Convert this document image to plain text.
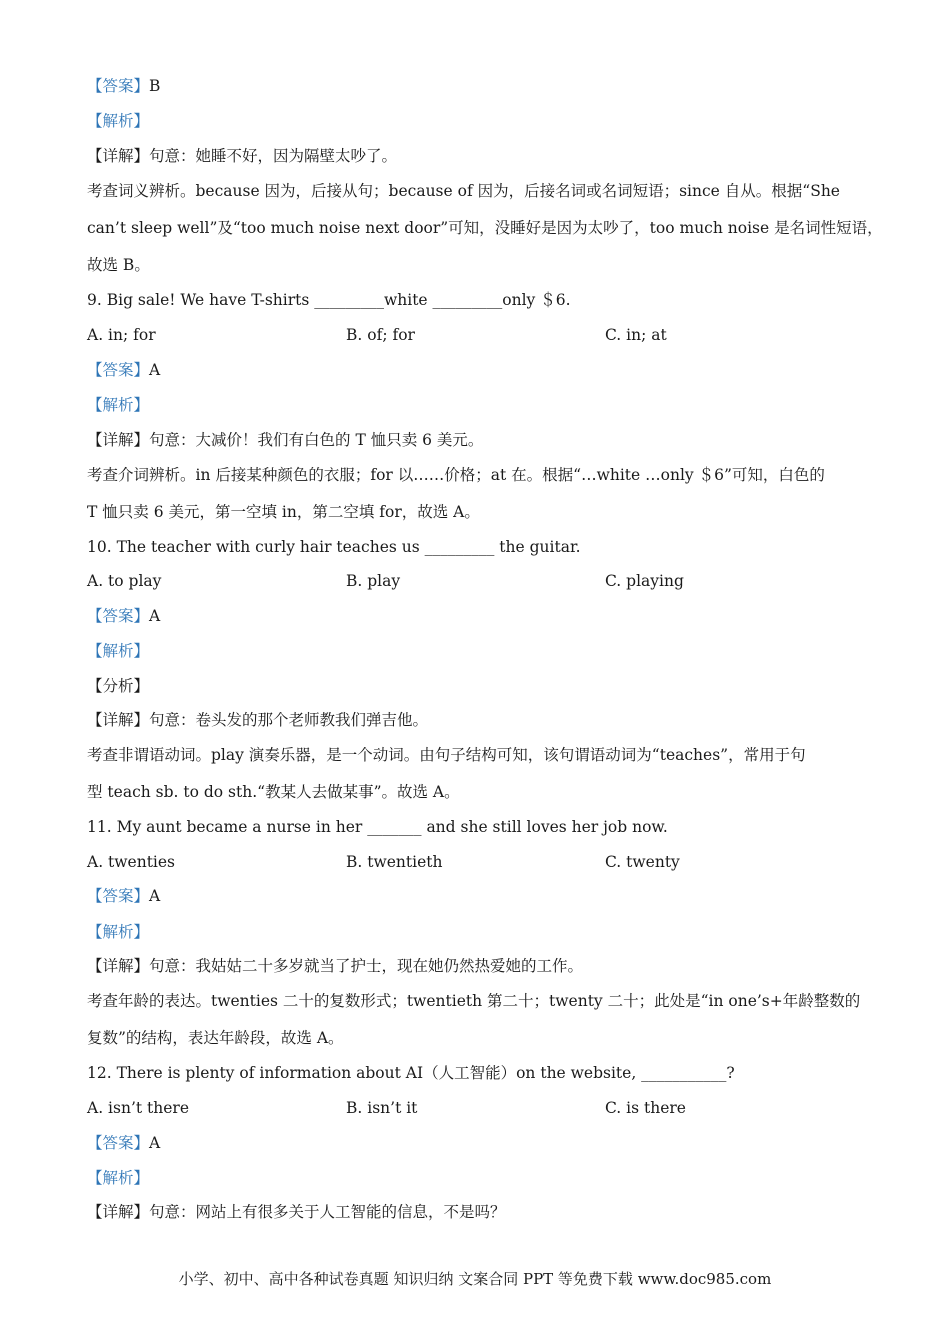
【答案】B
【解析】
【详解】句意：她睡不好，因为隔壁太吵了。
考查词义辨析。because 因为，后接从句；because of 因为，后接名词或名词短语；since 自从。根据“She
can’t sleep well”及“too much noise next door”可知，没睡好是因为太吵了，too much noise 是名词性短语，
故选 B。
9. Big sale! We have T-shirts _________white _________only ＄6.
A. in; for	B. of; for	C. in; at
【答案】A
【解析】
【详解】句意：大减价！我们有白色的 T 恤只卖 6 美元。
考查介词辨析。in 后接某种颜色的衣服；for 以……价格；at 在。根据“…white …only ＄6”可知，白色的
T 恤只卖 6 美元，第一空填 in，第二空填 for，故选 A。
10. The teacher with curly hair teaches us _________ the guitar.
A. to play	B. play	C. playing
【答案】A
【解析】
【分析】
【详解】句意：卷头发的那个老师教我们弹吉他。
考查非谓语动词。play 演奏乐器，是一个动词。由句子结构可知，该句谓语动词为“teaches”，常用于句
型 teach sb. to do sth.“教某人去做某事”。故选 A。
11. My aunt became a nurse in her _______ and she still loves her job now.
A. twenties	B. twentieth	C. twenty
【答案】A
【解析】
【详解】句意：我姑姑二十多岁就当了护士，现在她仍然热爱她的工作。
考查年龄的表达。twenties 二十的复数形式；twentieth 第二十；twenty 二十；此处是“in one’s+年龄整数的
复数”的结构，表达年龄段，故选 A。
12. There is plenty of information about AI（人工智能）on the website, ___________?
A. isn’t there	B. isn’t it	C. is there
【答案】A
【解析】
【详解】句意：网站上有很多关于人工智能的信息，不是吗？
小学、初中、高中各种试卷真题 知识归纳 文案合同 PPT 等免费下载 www.doc985.com
